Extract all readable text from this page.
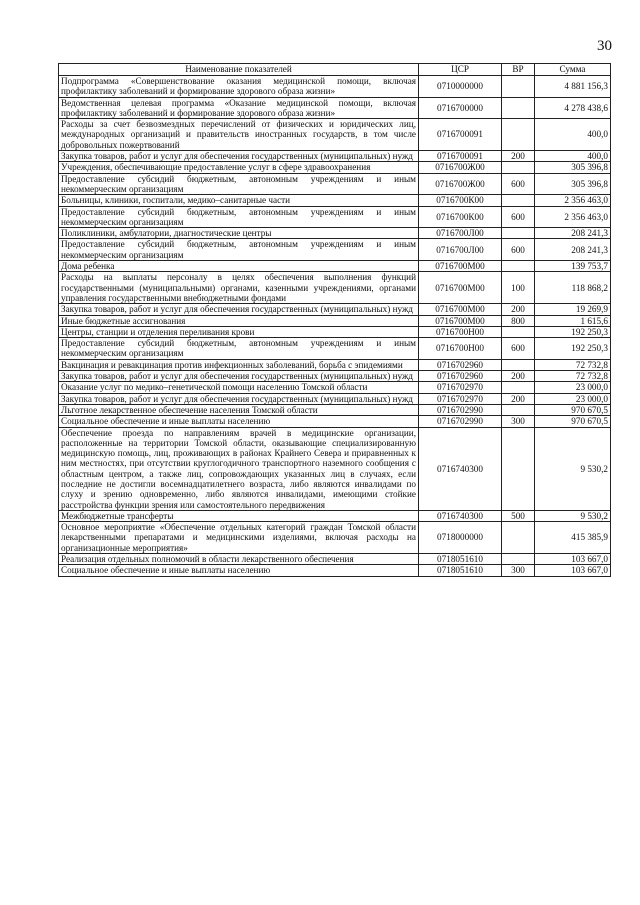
30
Наименование показателей	ЦСР	ВР	Сумма
Подпрограмма «Совершенствование оказания медицинской помощи, включая профилактику заболеваний и формирование здорового образа жизни»	0710000000		4 881 156,3
Ведомственная целевая программа «Оказание медицинской помощи, включая профилактику заболеваний и формирование здорового образа жизни»	0716700000		4 278 438,6
Расходы за счет безвозмездных перечислений от физических и юридических лиц, международных организаций и правительств иностранных государств, в том числе добровольных пожертвований	0716700091		400,0
Закупка товаров, работ и услуг для обеспечения государственных (муниципальных) нужд	0716700091	200	400,0
Учреждения, обеспечивающие предоставление услуг в сфере здравоохранения	0716700Ж00		305 396,8
Предоставление субсидий бюджетным, автономным учреждениям и иным некоммерческим организациям	0716700Ж00	600	305 396,8
Больницы, клиники, госпитали, медико–санитарные части	0716700К00		2 356 463,0
Предоставление субсидий бюджетным, автономным учреждениям и иным некоммерческим организациям	0716700К00	600	2 356 463,0
Поликлиники, амбулатории, диагностические центры	0716700Л00		208 241,3
Предоставление субсидий бюджетным, автономным учреждениям и иным некоммерческим организациям	0716700Л00	600	208 241,3
Дома ребенка	0716700М00		139 753,7
Расходы на выплаты персоналу в целях обеспечения выполнения функций государственными (муниципальными) органами, казенными учреждениями, органами управления государственными внебюджетными фондами	0716700М00	100	118 868,2
Закупка товаров, работ и услуг для обеспечения государственных (муниципальных) нужд	0716700М00	200	19 269,9
Иные бюджетные ассигнования	0716700М00	800	1 615,6
Центры, станции и отделения переливания крови	0716700Н00		192 250,3
Предоставление субсидий бюджетным, автономным учреждениям и иным некоммерческим организациям	0716700Н00	600	192 250,3
Вакцинация и ревакцинация против инфекционных заболеваний, борьба с эпидемиями	0716702960		72 732,8
Закупка товаров, работ и услуг для обеспечения государственных (муниципальных) нужд	0716702960	200	72 732,8
Оказание услуг по медико–генетической помощи населению Томской области	0716702970		23 000,0
Закупка товаров, работ и услуг для обеспечения государственных (муниципальных) нужд	0716702970	200	23 000,0
Льготное лекарственное обеспечение населения Томской области	0716702990		970 670,5
Социальное обеспечение и иные выплаты населению	0716702990	300	970 670,5
Обеспечение проезда по направлениям врачей в медицинские организации, расположенные на территории Томской области, оказывающие специализированную медицинскую помощь, лиц, проживающих в районах Крайнего Севера и приравненных к ним местностях, при отсутствии круглогодичного транспортного наземного сообщения с областным центром, а также лиц, сопровождающих указанных лиц в случаях, если последние не достигли восемнадцатилетнего возраста, либо являются инвалидами по слуху и зрению одновременно, либо являются инвалидами, имеющими стойкие расстройства функции зрения или самостоятельного передвижения	0716740300		9 530,2
Межбюджетные трансферты	0716740300	500	9 530,2
Основное мероприятие «Обеспечение отдельных категорий граждан Томской области лекарственными препаратами и медицинскими изделиями, включая расходы на организационные мероприятия»	0718000000		415 385,9
Реализация отдельных полномочий в области лекарственного обеспечения	0718051610		103 667,0
Социальное обеспечение и иные выплаты населению	0718051610	300	103 667,0
